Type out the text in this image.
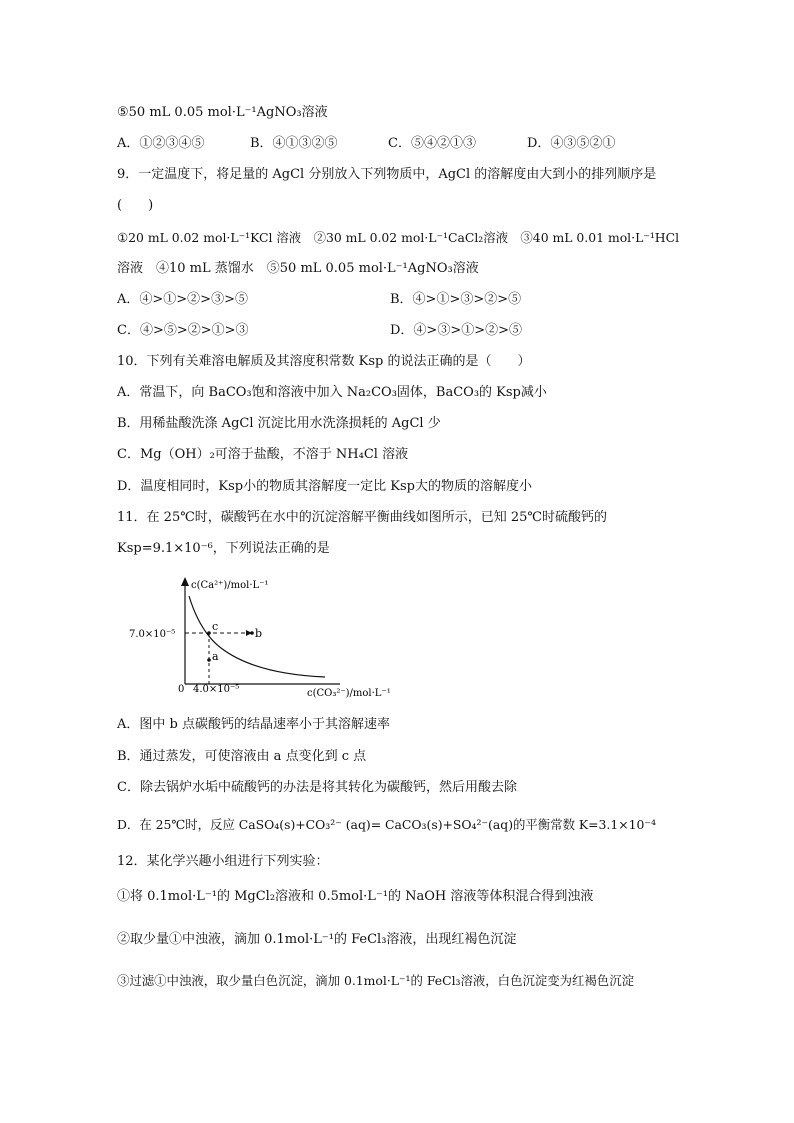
⑤50 mL 0.05 mol·L⁻¹AgNO₃溶液
A．①②③④⑤	B．④①③②⑤	C．⑤④②①③	D．④③⑤②①
9．一定温度下，将足量的 AgCl 分别放入下列物质中，AgCl 的溶解度由大到小的排列顺序是
(　　)
①20 mL 0.02 mol·L⁻¹KCl 溶液　②30 mL 0.02 mol·L⁻¹CaCl₂溶液　③40 mL 0.01 mol·L⁻¹HCl
溶液　④10 mL 蒸馏水　⑤50 mL 0.05 mol·L⁻¹AgNO₃溶液
A．④>①>②>③>⑤	B．④>①>③>②>⑤
C．④>⑤>②>①>③	D．④>③>①>②>⑤
10．下列有关难溶电解质及其溶度积常数 Ksp 的说法正确的是（　　）
A．常温下，向 BaCO₃饱和溶液中加入 Na₂CO₃固体，BaCO₃的 Ksp减小
B．用稀盐酸洗涤 AgCl 沉淀比用水洗涤损耗的 AgCl 少
C．Mg（OH）₂可溶于盐酸，不溶于 NH₄Cl 溶液
D．温度相同时，Ksp小的物质其溶解度一定比 Ksp大的物质的溶解度小
11．在 25℃时，碳酸钙在水中的沉淀溶解平衡曲线如图所示，已知 25℃时硫酸钙的
Ksp=9.1×10⁻⁶，下列说法正确的是
c
b
a
c(Ca²⁺)/mol·L⁻¹
7.0×10⁻⁵
4.0×10⁻⁵
0	c(CO₃²⁻)/mol·L⁻¹
A．图中 b 点碳酸钙的结晶速率小于其溶解速率
B．通过蒸发，可使溶液由 a 点变化到 c 点
C．除去锅炉水垢中硫酸钙的办法是将其转化为碳酸钙，然后用酸去除
D．在 25℃时，反应 CaSO₄(s)+CO₃²⁻ (aq)= CaCO₃(s)+SO₄²⁻(aq)的平衡常数 K=3.1×10⁻⁴
12．某化学兴趣小组进行下列实验：
①将 0.1mol·L⁻¹的 MgCl₂溶液和 0.5mol·L⁻¹的 NaOH 溶液等体积混合得到浊液
②取少量①中浊液，滴加 0.1mol·L⁻¹的 FeCl₃溶液，出现红褐色沉淀
③过滤①中浊液，取少量白色沉淀，滴加 0.1mol·L⁻¹的 FeCl₃溶液，白色沉淀变为红褐色沉淀
